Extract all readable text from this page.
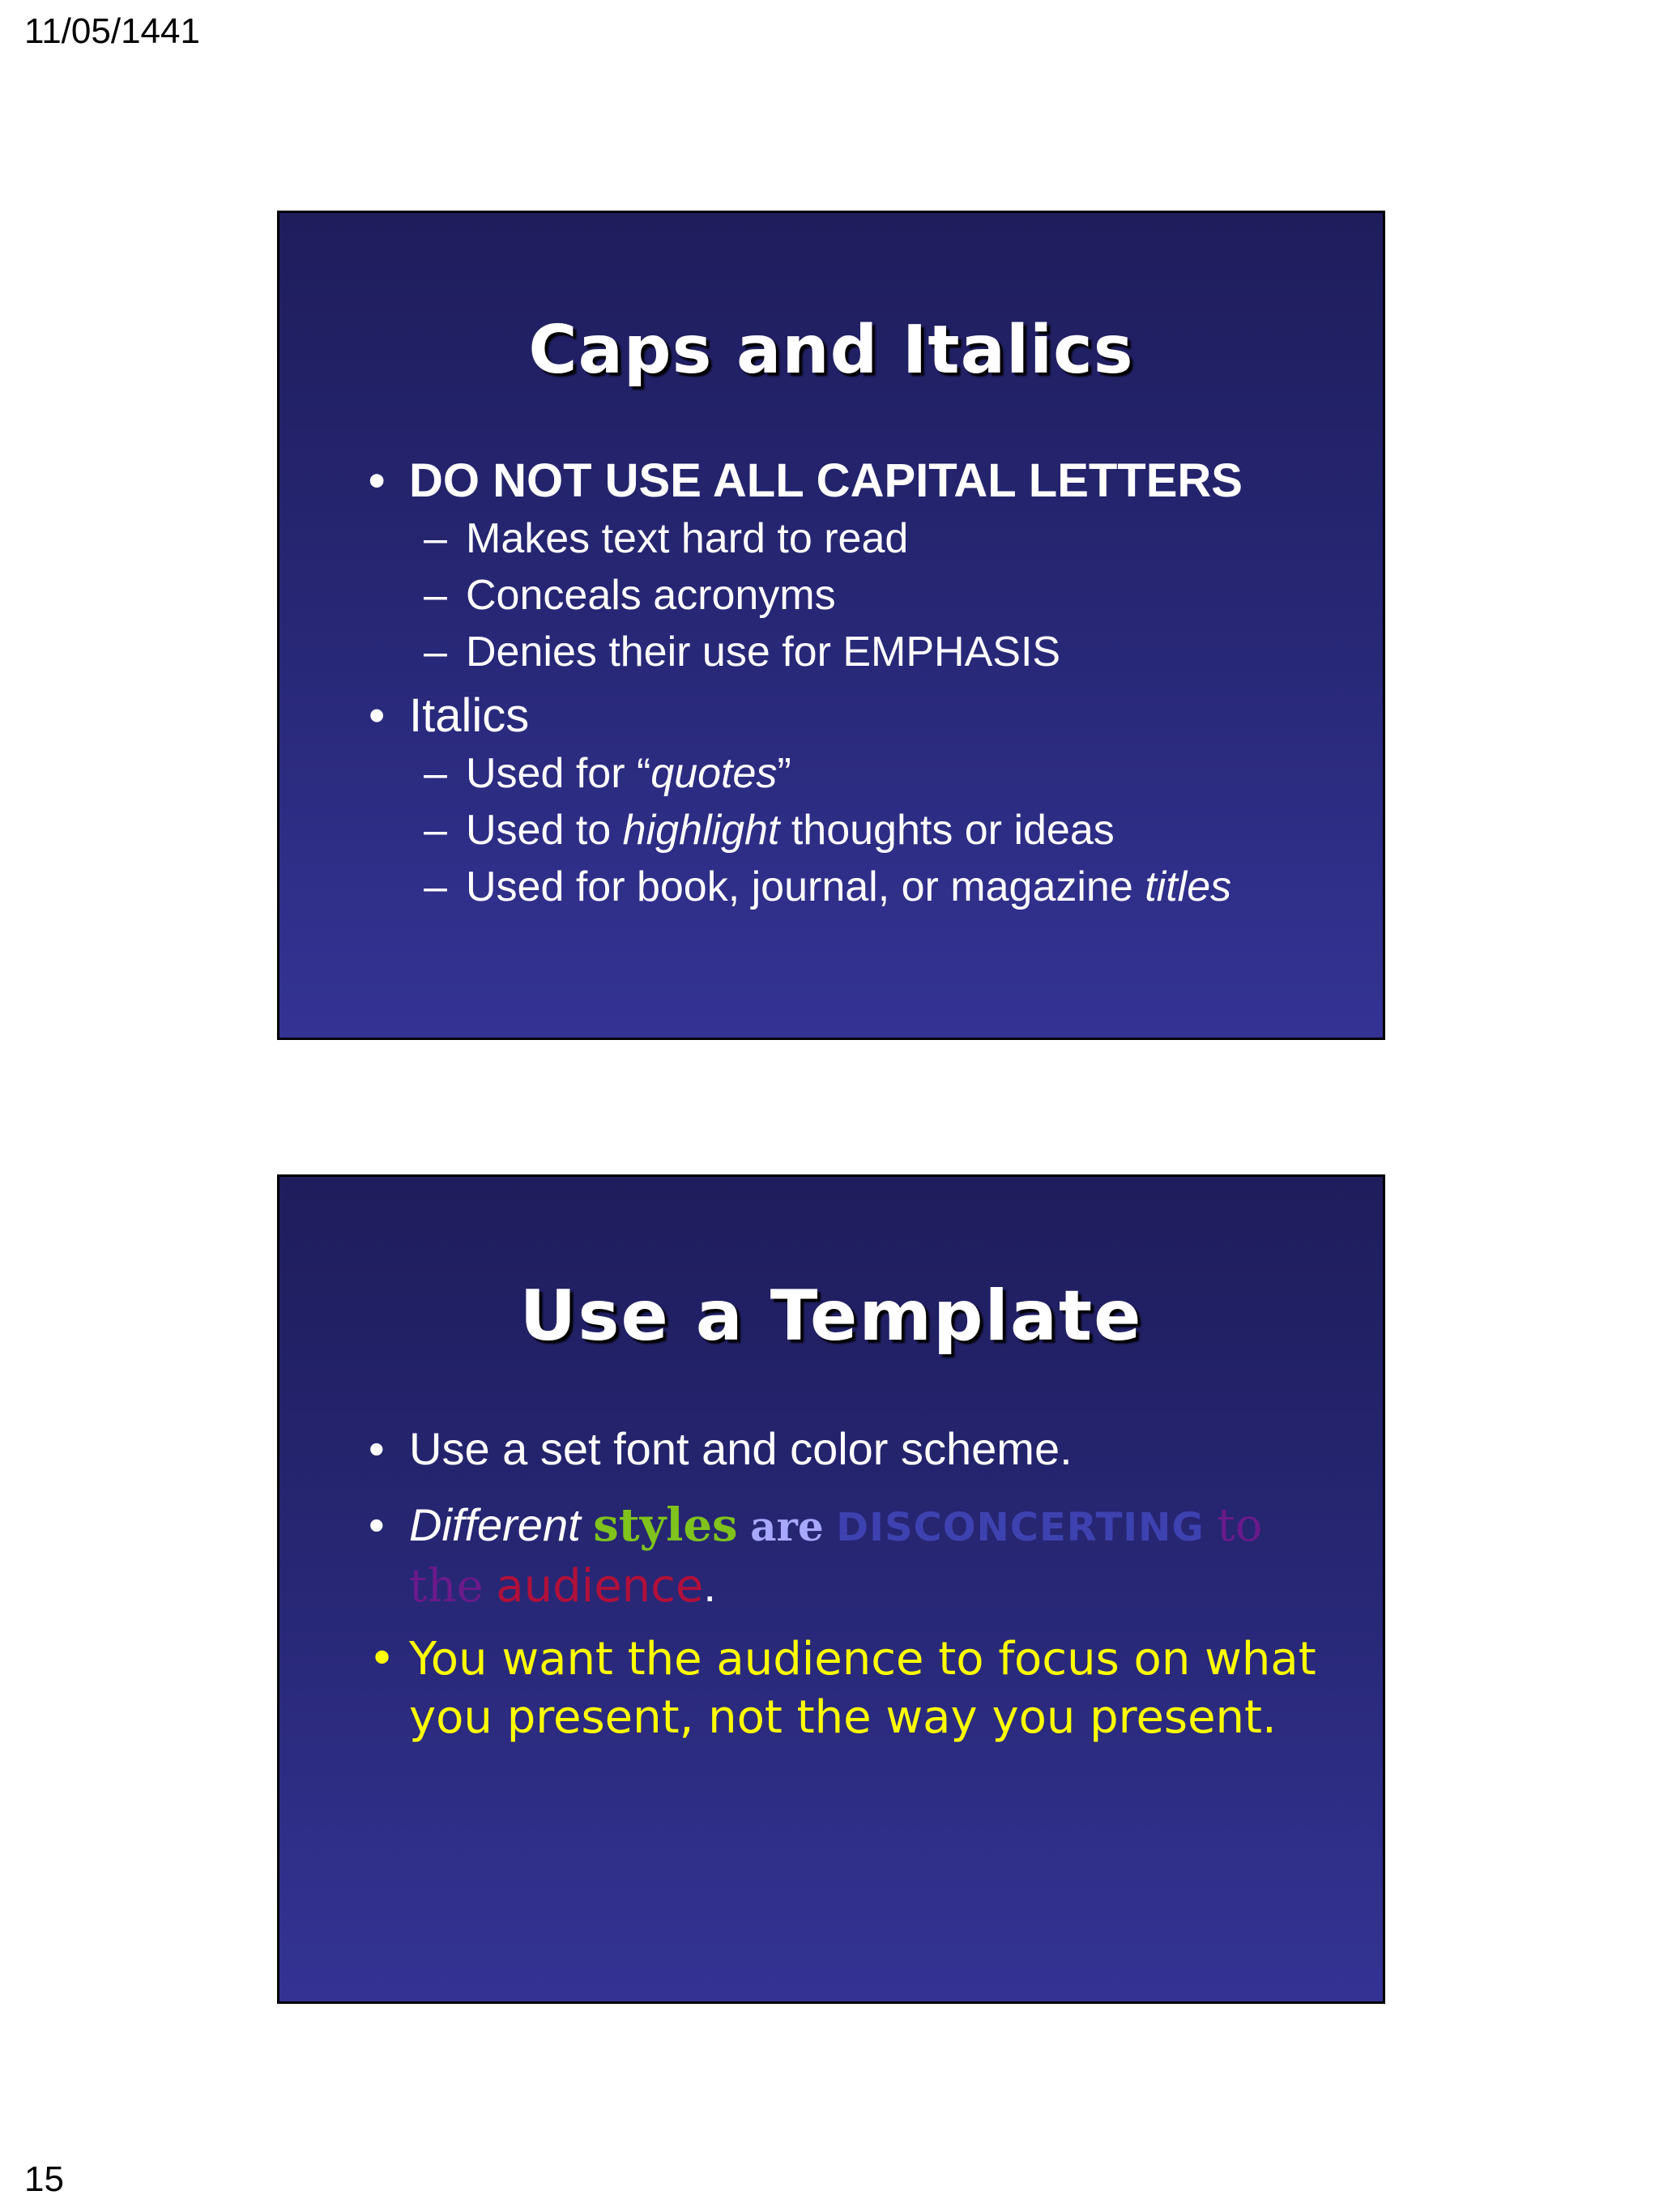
11/05/1441
Caps and Italics
• DO NOT USE ALL CAPITAL LETTERS
– Makes text hard to read
– Conceals acronyms
– Denies their use for EMPHASIS
• Italics
– Used for “quotes”
– Used to highlight thoughts or ideas
– Used for book, journal, or magazine titles
Use a Template
• Use a set font and color scheme.
• Different styles are DISCONCERTING to the audience.
• You want the audience to focus on what you present, not the way you present.
15
